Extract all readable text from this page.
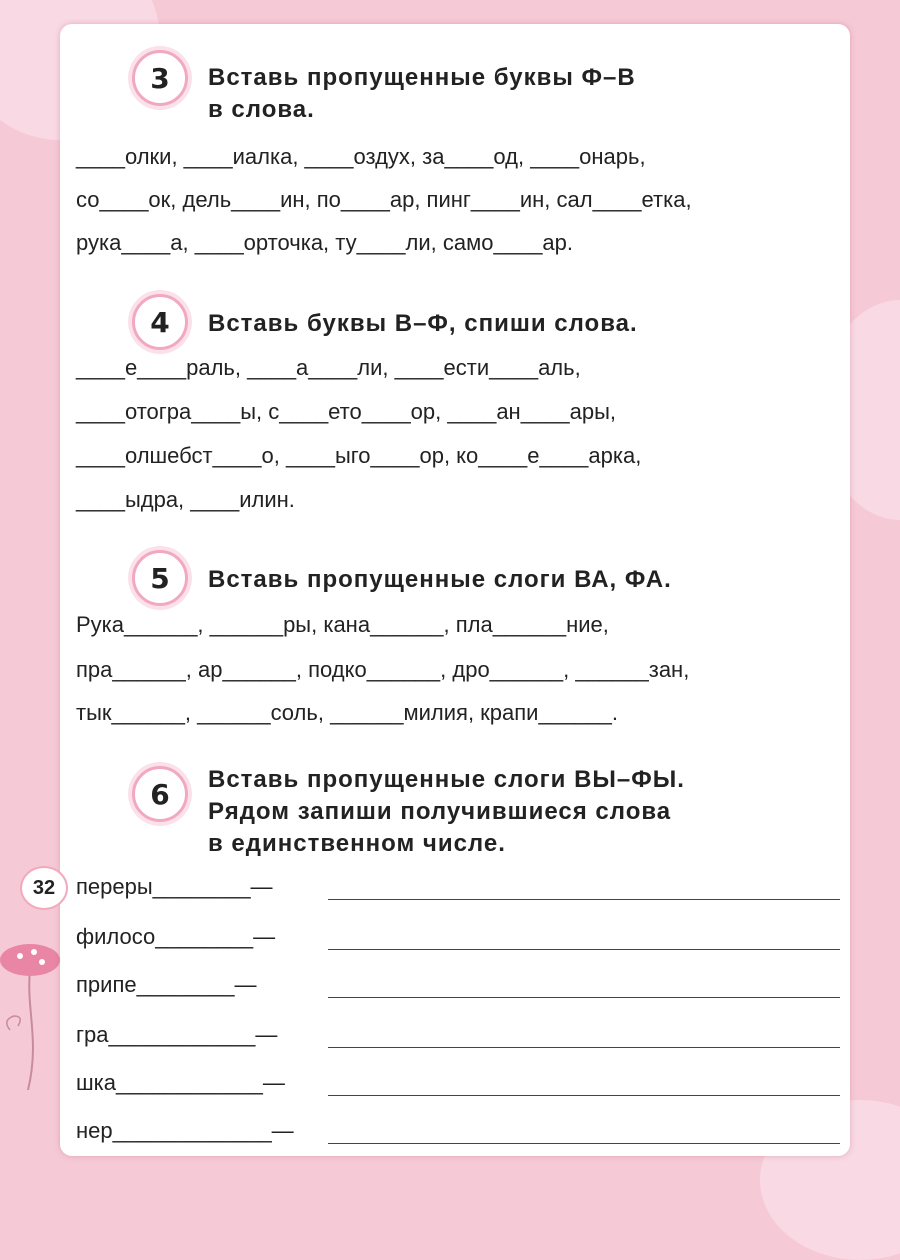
32
3	Вставь пропущенные буквы Ф–В
в слова.
____олки, ____иалка, ____оздух, за____од, ____онарь,
со____ок, дель____ин, по____ар, пинг____ин, сал____етка,
рука____а, ____орточка, ту____ли, само____ар.
4	Вставь буквы В–Ф, спиши слова.
____е____раль, ____а____ли, ____ести____аль,
____отогра____ы, с____ето____ор, ____ан____ары,
____олшебст____о, ____ыго____ор, ко____е____арка,
____ыдра, ____илин.
5	Вставь пропущенные слоги ВА, ФА.
Рука______, ______ры, кана______, пла______ние,
пра______, ар______, подко______, дро______, ______зан,
тык______, ______соль, ______милия, крапи______.
6	Вставь пропущенные слоги ВЫ–ФЫ.
Рядом запиши получившиеся слова
в единственном числе.
переры________—
филосо________—
припе________—
гра____________—
шка____________—
нер_____________—
